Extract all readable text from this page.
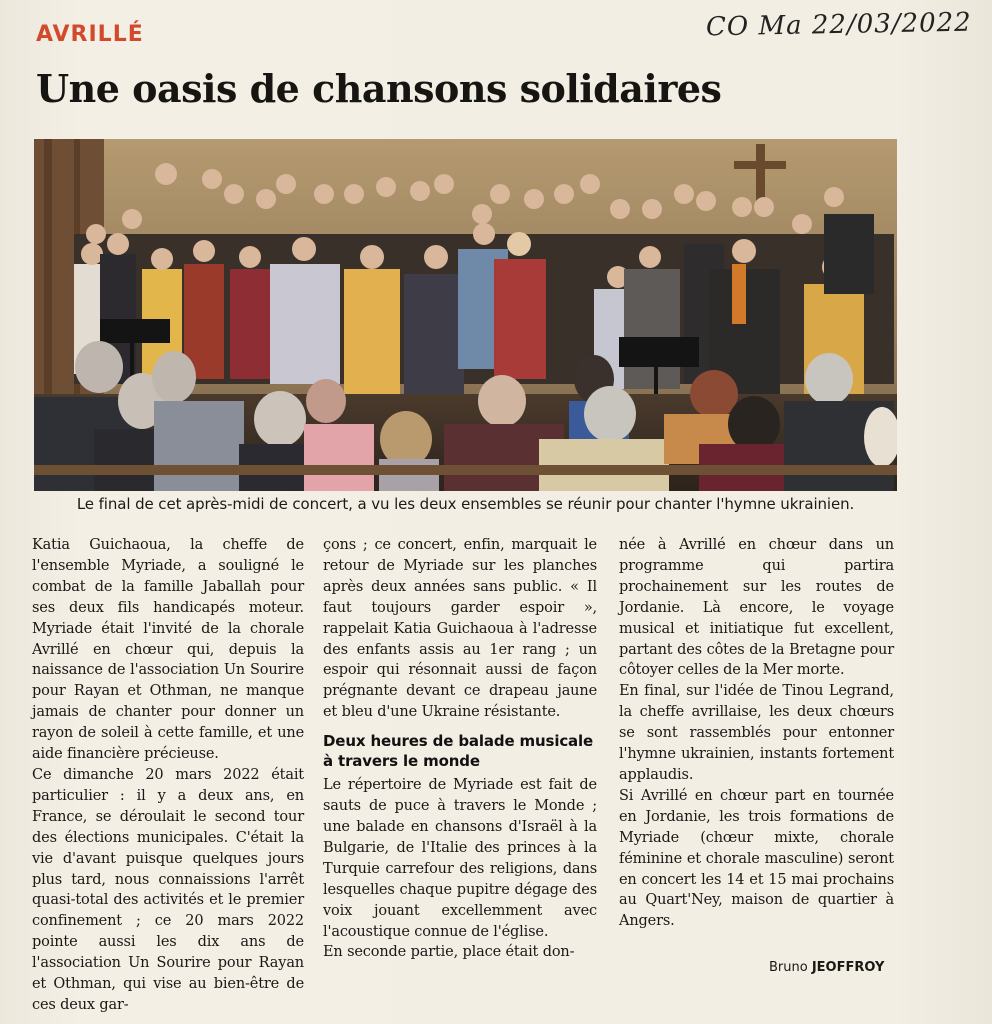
CO Ma 22/03/2022
AVRILLÉ
Une oasis de chansons solidaires
Le final de cet après-midi de concert, a vu les deux ensembles se réunir pour chanter l'hymne ukrainien.

Katia Guichaoua, la cheffe de l'ensemble Myriade, a souligné le combat de la famille Jaballah pour ses deux fils handicapés moteur. Myriade était l'invité de la chorale Avrillé en chœur qui, depuis la naissance de l'association Un Sourire pour Rayan et Othman, ne manque jamais de chanter pour donner un rayon de soleil à cette famille, et une aide financière précieuse.

Ce dimanche 20 mars 2022 était particulier : il y a deux ans, en France, se déroulait le second tour des élections municipales. C'était la vie d'avant puisque quelques jours plus tard, nous connaissions l'arrêt quasi-total des activités et le premier confinement ; ce 20 mars 2022 pointe aussi les dix ans de l'association Un Sourire pour Rayan et Othman, qui vise au bien-être de ces deux gar-

çons ; ce concert, enfin, marquait le retour de Myriade sur les planches après deux années sans public. « Il faut toujours garder espoir », rappelait Katia Guichaoua à l'adresse des enfants assis au 1er rang ; un espoir qui résonnait aussi de façon prégnante devant ce drapeau jaune et bleu d'une Ukraine résistante.

Deux heures de balade musicale à travers le monde

Le répertoire de Myriade est fait de sauts de puce à travers le Monde ; une balade en chansons d'Israël à la Bulgarie, de l'Italie des princes à la Turquie carrefour des religions, dans lesquelles chaque pupitre dégage des voix jouant excellemment avec l'acoustique connue de l'église.

En seconde partie, place était don-

née à Avrillé en chœur dans un programme qui partira prochainement sur les routes de Jordanie. Là encore, le voyage musical et initiatique fut excellent, partant des côtes de la Bretagne pour côtoyer celles de la Mer morte.

En final, sur l'idée de Tinou Legrand, la cheffe avrillaise, les deux chœurs se sont rassemblés pour entonner l'hymne ukrainien, instants fortement applaudis.

Si Avrillé en chœur part en tournée en Jordanie, les trois formations de Myriade (chœur mixte, chorale féminine et chorale masculine) seront en concert les 14 et 15 mai prochains au Quart'Ney, maison de quartier à Angers.

Bruno JEOFFROY
